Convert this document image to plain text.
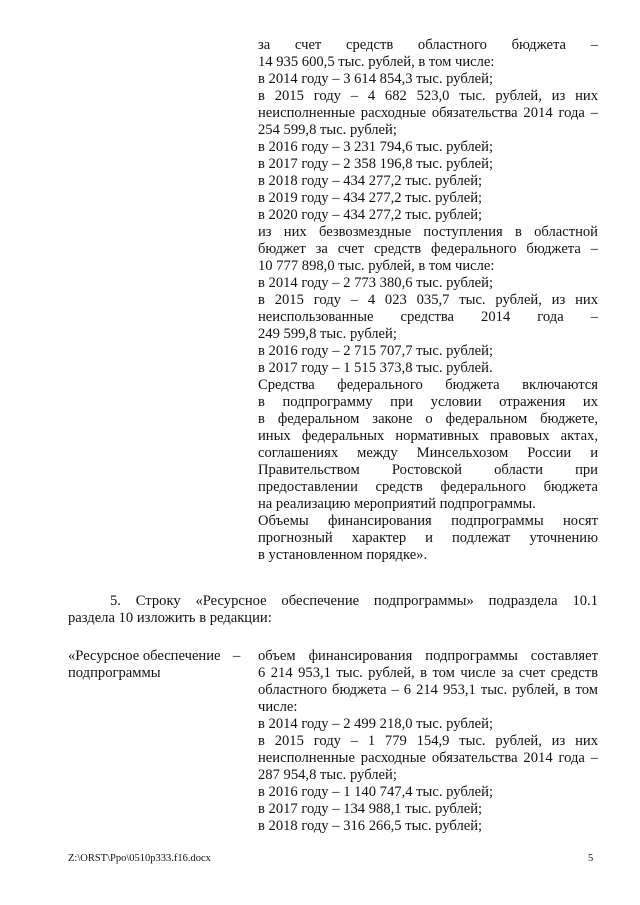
за счет средств областного бюджета –
14 935 600,5 тыс. рублей, в том числе:
в 2014 году – 3 614 854,3 тыс. рублей;
в 2015 году – 4 682 523,0 тыс. рублей, из них
неисполненные расходные обязательства 2014 года –
254 599,8 тыс. рублей;
в 2016 году – 3 231 794,6 тыс. рублей;
в 2017 году – 2 358 196,8 тыс. рублей;
в 2018 году – 434 277,2 тыс. рублей;
в 2019 году – 434 277,2 тыс. рублей;
в 2020 году – 434 277,2 тыс. рублей;
из них безвозмездные поступления в областной
бюджет за счет средств федерального бюджета –
10 777 898,0 тыс. рублей, в том числе:
в 2014 году – 2 773 380,6 тыс. рублей;
в 2015 году – 4 023 035,7 тыс. рублей, из них
неиспользованные средства 2014 года –
249 599,8 тыс. рублей;
в 2016 году – 2 715 707,7 тыс. рублей;
в 2017 году – 1 515 373,8 тыс. рублей.
Средства федерального бюджета включаются
в подпрограмму при условии отражения их
в федеральном законе о федеральном бюджете,
иных федеральных нормативных правовых актах,
соглашениях между Минсельхозом России и
Правительством Ростовской области при
предоставлении средств федерального бюджета
на реализацию мероприятий подпрограммы.
Объемы финансирования подпрограммы носят
прогнозный характер и подлежат уточнению
в установленном порядке».
5. Строку «Ресурсное обеспечение подпрограммы» подраздела 10.1
раздела 10 изложить в редакции:
«Ресурсное обеспечение –
подпрограммы
объем финансирования подпрограммы составляет
6 214 953,1 тыс. рублей, в том числе за счет средств
областного бюджета – 6 214 953,1 тыс. рублей, в том
числе:
в 2014 году – 2 499 218,0 тыс. рублей;
в 2015 году – 1 779 154,9 тыс. рублей, из них
неисполненные расходные обязательства 2014 года –
287 954,8 тыс. рублей;
в 2016 году – 1 140 747,4 тыс. рублей;
в 2017 году – 134 988,1 тыс. рублей;
в 2018 году – 316 266,5 тыс. рублей;
Z:\ORST\Ppo\0510p333.f16.docx	5
